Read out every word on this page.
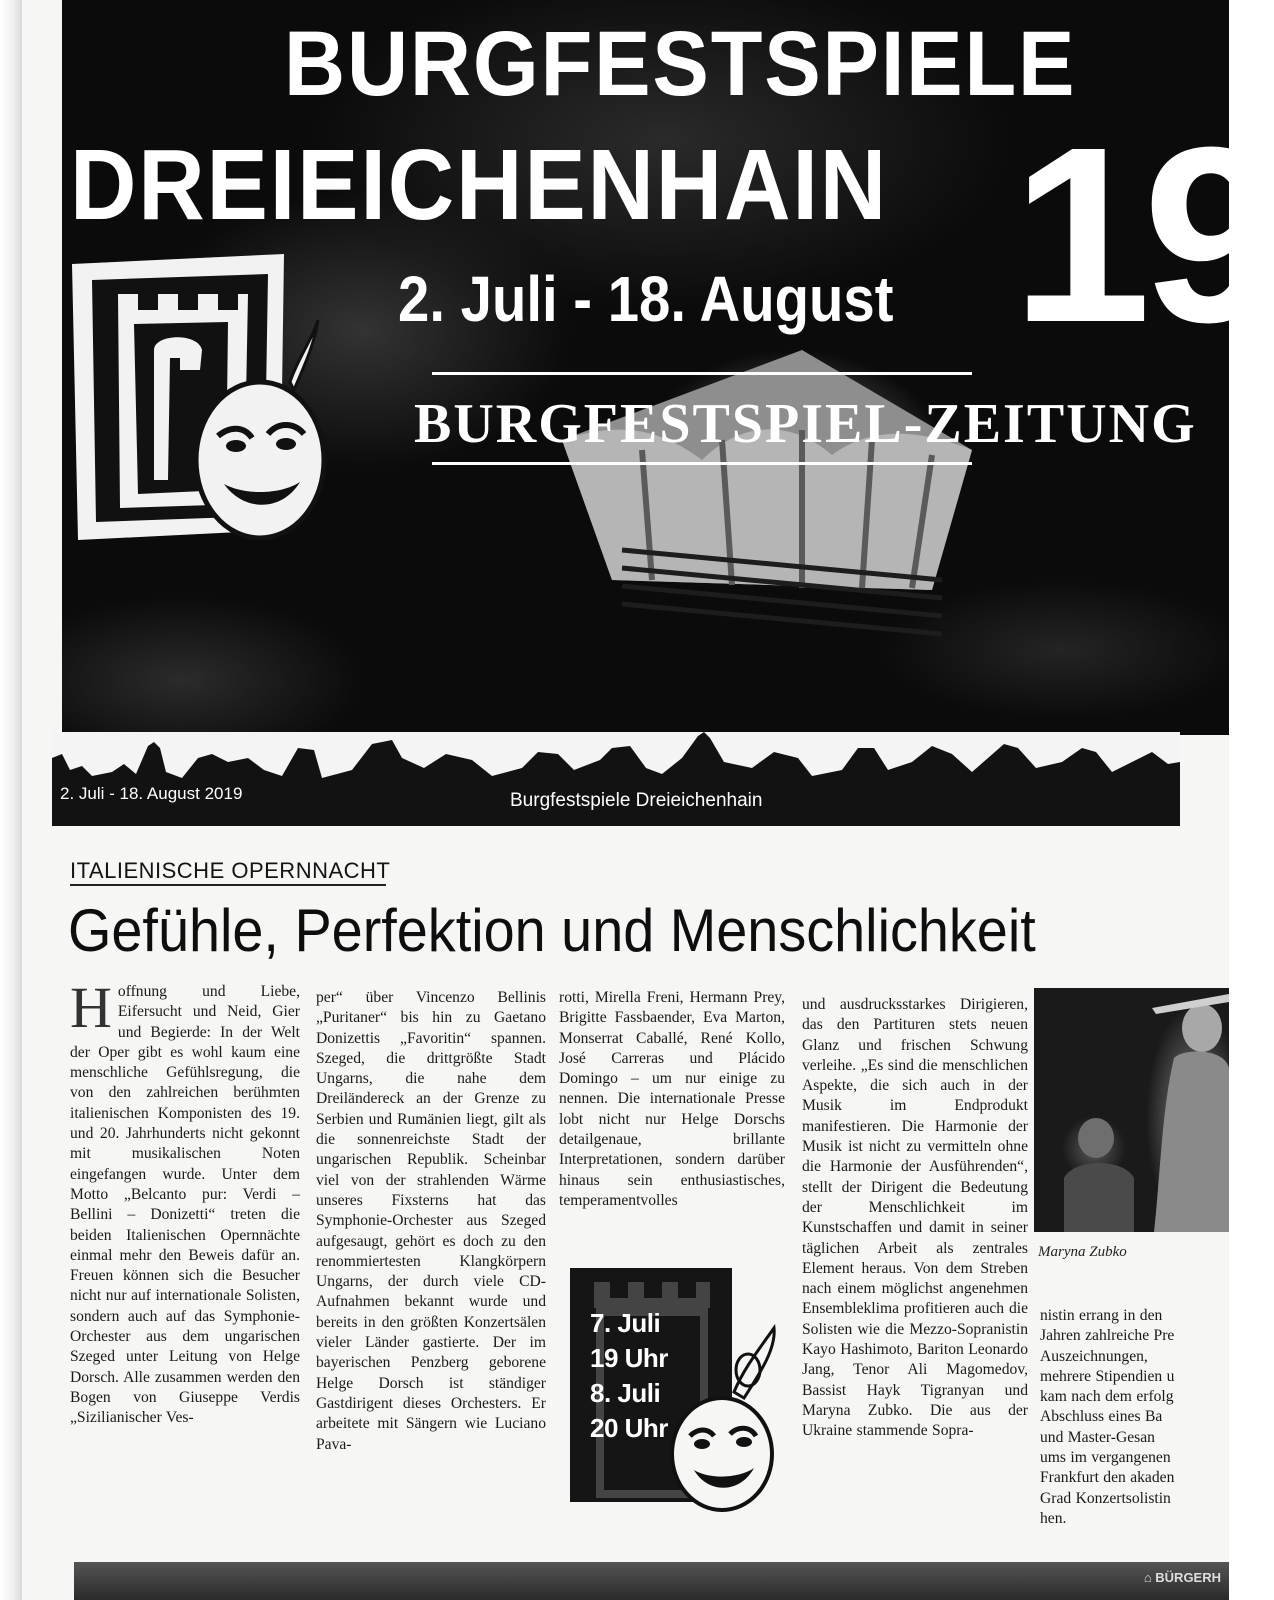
BURGFESTSPIELE
DREIEICHENHAIN 19
2. Juli - 18. August
BURGFESTSPIEL-ZEITUNG
2. Juli - 18. August 2019	Burgfestspiele Dreieichenhain
ITALIENISCHE OPERNNACHT
Gefühle, Perfektion und Menschlichkeit
Hoffnung und Liebe, Eifersucht und Neid, Gier und Begierde: In der Welt der Oper gibt es wohl kaum eine menschliche Gefühlsregung, die von den zahlreichen berühmten italienischen Komponisten des 19. und 20. Jahrhunderts nicht gekonnt mit musikalischen Noten eingefangen wurde. Unter dem Motto „Belcanto pur: Verdi – Bellini – Donizetti“ treten die beiden Italienischen Opernnächte einmal mehr den Beweis dafür an. Freuen können sich die Besucher nicht nur auf internationale Solisten, sondern auch auf das Symphonie-Orchester aus dem ungarischen Szeged unter Leitung von Helge Dorsch. Alle zusammen werden den Bogen von Giuseppe Verdis „Sizilianischer Ves-
per“ über Vincenzo Bellinis „Puritaner“ bis hin zu Gaetano Donizettis „Favoritin“ spannen. Szeged, die drittgrößte Stadt Ungarns, die nahe dem Dreiländereck an der Grenze zu Serbien und Rumänien liegt, gilt als die sonnenreichste Stadt der ungarischen Republik. Scheinbar viel von der strahlenden Wärme unseres Fixsterns hat das Symphonie-Orchester aus Szeged aufgesaugt, gehört es doch zu den renommiertesten Klangkörpern Ungarns, der durch viele CD-Aufnahmen bekannt wurde und bereits in den größten Konzertsälen vieler Länder gastierte. Der im bayerischen Penzberg geborene Helge Dorsch ist ständiger Gastdirigent dieses Orchesters. Er arbeitete mit Sängern wie Luciano Pava-
rotti, Mirella Freni, Hermann Prey, Brigitte Fassbaender, Eva Marton, Monserrat Caballé, René Kollo, José Carreras und Plácido Domingo – um nur einige zu nennen. Die internationale Presse lobt nicht nur Helge Dorschs detailgenaue, brillante Interpretationen, sondern darüber hinaus sein enthusiastisches, temperamentvolles
und ausdrucksstarkes Dirigieren, das den Partituren stets neuen Glanz und frischen Schwung verleihe. „Es sind die menschlichen Aspekte, die sich auch in der Musik im Endprodukt manifestieren. Die Harmonie der Musik ist nicht zu vermitteln ohne die Harmonie der Ausführenden“, stellt der Dirigent die Bedeutung der Menschlichkeit im Kunstschaffen und damit in seiner täglichen Arbeit als zentrales Element heraus. Von dem Streben nach einem möglichst angenehmen Ensembleklima profitieren auch die Solisten wie die Mezzo-Sopranistin Kayo Hashimoto, Bariton Leonardo Jang, Tenor Ali Magomedov, Bassist Hayk Tigranyan und Maryna Zubko. Die aus der Ukraine stammende Sopra-
Maryna Zubko
7. Juli
19 Uhr
8. Juli
20 Uhr
nistin errang in den
Jahren zahlreiche Pre
Auszeichnungen,
mehrere Stipendien u
kam nach dem erfolg
Abschluss eines Ba
und Master-Gesan
ums im vergangenen
Frankfurt den akaden
Grad Konzertsolistin
hen.
⌂ BÜRGERH
